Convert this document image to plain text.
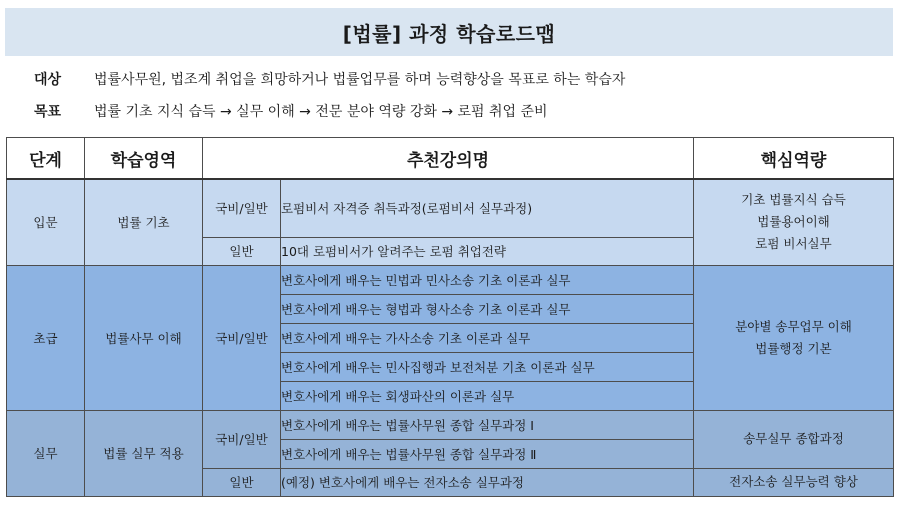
[법률] 과정 학습로드맵
대상	법률사무원, 법조계 취업을 희망하거나 법률업무를 하며 능력향상을 목표로 하는 학습자
목표	법률 기초 지식 습득 → 실무 이해 → 전문 분야 역량 강화 → 로펌 취업 준비
단계	학습영역	추천강의명		핵심역량
입문	법률 기초	국비/일반	로펌비서 자격증 취득과정(로펌비서 실무과정)	기초 법률지식 습득
법률용어이해
로펌 비서실무

		일반	10대 로펌비서가 알려주는 로펌 취업전략	
초급	법률사무 이해	국비/일반	변호사에게 배우는 민법과 민사소송 기초 이론과 실무	분야별 송무업무 이해
법률행정 기본

			변호사에게 배우는 형법과 형사소송 기초 이론과 실무	
			변호사에게 배우는 가사소송 기초 이론과 실무	
			변호사에게 배우는 민사집행과 보전처분 기초 이론과 실무	
			변호사에게 배우는 회생파산의 이론과 실무	
실무	법률 실무 적용	국비/일반	변호사에게 배우는 법률사무원 종합 실무과정 Ⅰ	송무실무 종합과정
			변호사에게 배우는 법률사무원 종합 실무과정 Ⅱ	
		일반	(예정) 변호사에게 배우는 전자소송 실무과정	전자소송 실무능력 향상
